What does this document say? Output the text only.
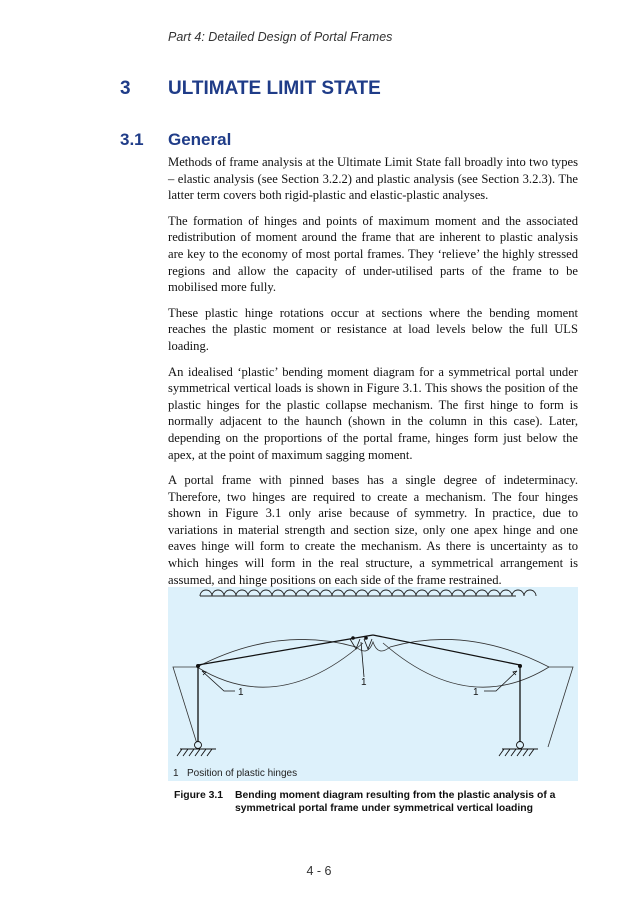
Part 4: Detailed Design of Portal Frames
3 ULTIMATE LIMIT STATE
3.1 General

Methods of frame analysis at the Ultimate Limit State fall broadly into two types – elastic analysis (see Section 3.2.2) and plastic analysis (see Section 3.2.3). The latter term covers both rigid-plastic and elastic-plastic analyses.

The formation of hinges and points of maximum moment and the associated redistribution of moment around the frame that are inherent to plastic analysis are key to the economy of most portal frames. They ‘relieve’ the highly stressed regions and allow the capacity of under-utilised parts of the frame to be mobilised more fully.

These plastic hinge rotations occur at sections where the bending moment reaches the plastic moment or resistance at load levels below the full ULS loading.

An idealised ‘plastic’ bending moment diagram for a symmetrical portal under symmetrical vertical loads is shown in Figure 3.1. This shows the position of the plastic hinges for the plastic collapse mechanism. The first hinge to form is normally adjacent to the haunch (shown in the column in this case). Later, depending on the proportions of the portal frame, hinges form just below the apex, at the point of maximum sagging moment.

A portal frame with pinned bases has a single degree of indeterminacy. Therefore, two hinges are required to create a mechanism. The four hinges shown in Figure 3.1 only arise because of symmetry. In practice, due to variations in material strength and section size, only one apex hinge and one eaves hinge will form to create the mechanism. As there is uncertainty as to which hinges will form in the real structure, a symmetrical arrangement is assumed, and hinge positions on each side of the frame restrained.

1
1
1
1 Position of plastic hinges
Figure 3.1	Bending moment diagram resulting from the plastic analysis of a symmetrical portal frame under symmetrical vertical loading
4 - 6
